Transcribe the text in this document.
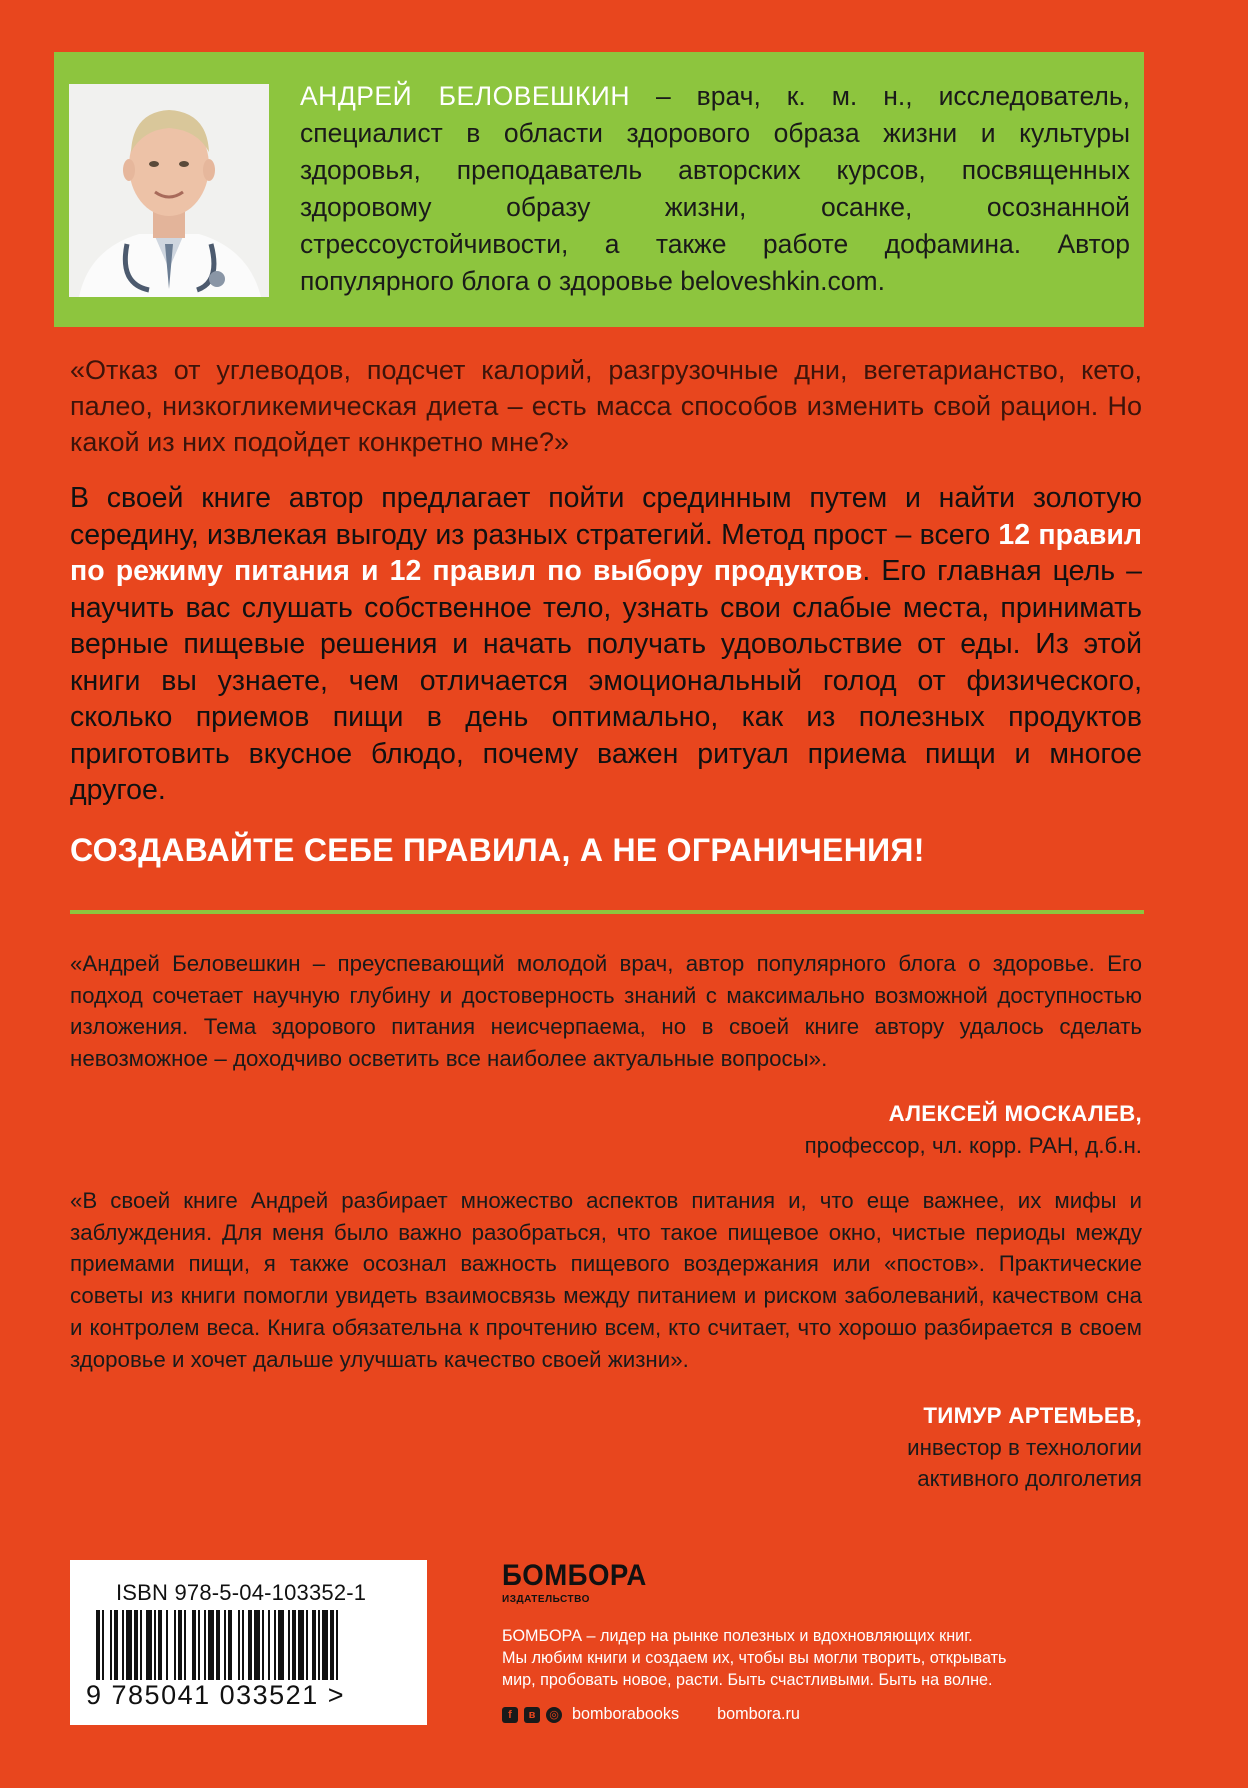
АНДРЕЙ БЕЛОВЕШКИН – врач, к. м. н., исследователь, специалист в области здорового образа жизни и культуры здоровья, преподаватель авторских курсов, посвященных здоровому образу жизни, осанке, осознанной стрессоустойчивости, а также работе дофамина. Автор популярного блога о здоровье beloveshkin.com.
«Отказ от углеводов, подсчет калорий, разгрузочные дни, вегетарианство, кето, палео, низкогликемическая диета – есть масса способов изменить свой рацион. Но какой из них подойдет конкретно мне?»
В своей книге автор предлагает пойти срединным путем и найти золотую середину, извлекая выгоду из разных стратегий. Метод прост – всего 12 правил по режиму питания и 12 правил по выбору продуктов. Его главная цель – научить вас слушать собственное тело, узнать свои слабые места, принимать верные пищевые решения и начать получать удовольствие от еды. Из этой книги вы узнаете, чем отличается эмоциональный голод от физического, сколько приемов пищи в день оптимально, как из полезных продуктов приготовить вкусное блюдо, почему важен ритуал приема пищи и многое другое.
СОЗДАВАЙТЕ СЕБЕ ПРАВИЛА, А НЕ ОГРАНИЧЕНИЯ!
«Андрей Беловешкин – преуспевающий молодой врач, автор популярного блога о здоровье. Его подход сочетает научную глубину и достоверность знаний с максимально возможной доступностью изложения. Тема здорового питания неисчерпаема, но в своей книге автору удалось сделать невозможное – доходчиво осветить все наиболее актуальные вопросы».
АЛЕКСЕЙ МОСКАЛЕВ,
профессор, чл. корр. РАН, д.б.н.
«В своей книге Андрей разбирает множество аспектов питания и, что еще важнее, их мифы и заблуждения. Для меня было важно разобраться, что такое пищевое окно, чистые периоды между приемами пищи, я также осознал важность пищевого воздержания или «постов». Практические советы из книги помогли увидеть взаимосвязь между питанием и риском заболеваний, качеством сна и контролем веса. Книга обязательна к прочтению всем, кто считает, что хорошо разбирается в своем здоровье и хочет дальше улучшать качество своей жизни».
ТИМУР АРТЕМЬЕВ,
инвестор в технологии
активного долголетия
ISBN 978-5-04-103352-1
9 785041 033521 >
БОМБОРА
ИЗДАТЕЛЬСТВО
БОМБОРА – лидер на рынке полезных и вдохновляющих книг.
Мы любим книги и создаем их, чтобы вы могли творить, открывать
мир, пробовать новое, расти. Быть счастливыми. Быть на волне.
f	в	◎ bomborabooks bombora.ru
